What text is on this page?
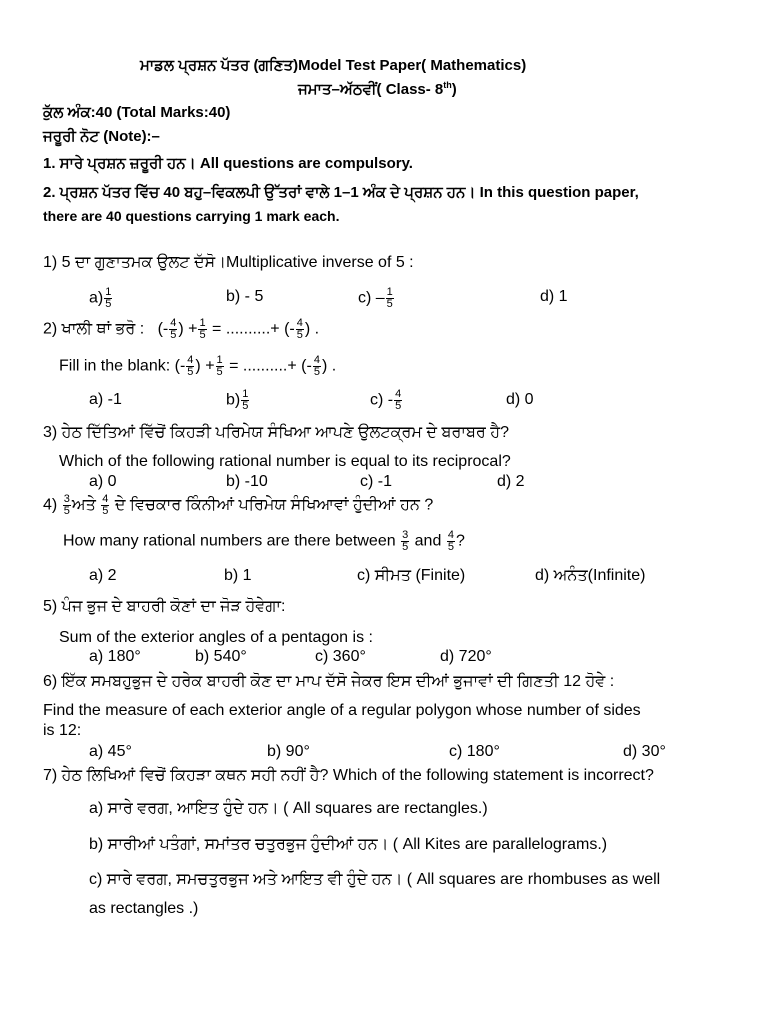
ਮਾਡਲ ਪ੍ਰਸ਼ਨ ਪੱਤਰ (ਗਣਿਤ)Model Test Paper( Mathematics)
ਜਮਾਤ–ਅੱਠਵੀਂ( Class- 8th)
ਕੁੱਲ ਅੰਕ:40 (Total Marks:40)
ਜਰੂਰੀ ਨੋਟ (Note):–
1. ਸਾਰੇ ਪ੍ਰਸ਼ਨ ਜ਼ਰੂਰੀ ਹਨ। All questions are compulsory.
2. ਪ੍ਰਸ਼ਨ ਪੱਤਰ ਵਿੱਚ 40 ਬਹੁ–ਵਿਕਲਪੀ ਉੱਤਰਾਂ ਵਾਲੇ 1–1 ਅੰਕ ਦੇ ਪ੍ਰਸ਼ਨ ਹਨ। In this question paper,
there are 40 questions carrying 1 mark each.
1) 5 ਦਾ ਗੁਣਾਤਮਕ ਉਲਟ ਦੱਸੋ।Multiplicative inverse of 5 :
$a) \frac{1}{5}$	b) - 5	$c) - \frac{1}{5}$	d) 1
2) ਖਾਲੀ ਥਾਂ ਭਰੋ : (- $\frac{4}{5}$ ) + $\frac{1}{5}$ = ..........+ (- $\frac{4}{5}$ ) .
Fill in the blank: (- $\frac{4}{5}$ ) + $\frac{1}{5}$ = ..........+ (- $\frac{4}{5}$ ) .
a) -1	$b) \frac{1}{5}$	$c) - \frac{4}{5}$	d) 0
3) ਹੇਠ ਦਿੱਤਿਆਂ ਵਿੱਚੋਂ ਕਿਹੜੀ ਪਰਿਮੇਯ ਸੰਖਿਆ ਆਪਣੇ ਉਲਟਕ੍ਰਮ ਦੇ ਬਰਾਬਰ ਹੈ?
Which of the following rational number is equal to its reciprocal?
a) 0	b) -10	c) -1	d) 2
$4) \frac{3}{5}$ ਅਤੇ $\frac{4}{5}$ ਦੇ ਵਿਚਕਾਰ ਕਿੰਨੀਆਂ ਪਰਿਮੇਯ ਸੰਖਿਆਵਾਂ ਹੁੰਦੀਆਂ ਹਨ ?
How many rational numbers are there between $\frac{3}{5}$ and $\frac{4}{5}$ ?
a) 2	b) 1	c) ਸੀਮਤ (Finite)	d) ਅਨੰਤ(Infinite)
5) ਪੰਜ ਭੁਜ ਦੇ ਬਾਹਰੀ ਕੋਣਾਂ ਦਾ ਜੋੜ ਹੋਵੇਗਾ:
Sum of the exterior angles of a pentagon is :
a) 180°	b) 540°	c) 360°	d) 720°
6) ਇੱਕ ਸਮਬਹੁਭੁਜ ਦੇ ਹਰੇਕ ਬਾਹਰੀ ਕੋਣ ਦਾ ਮਾਪ ਦੱਸੋ ਜੇਕਰ ਇਸ ਦੀਆਂ ਭੁਜਾਵਾਂ ਦੀ ਗਿਣਤੀ 12 ਹੋਵੇ :
Find the measure of each exterior angle of a regular polygon whose number of sides
is 12:
a) 45°	b) 90°	c) 180°	d) 30°
7) ਹੇਠ ਲਿਖਿਆਂ ਵਿਚੋਂ ਕਿਹੜਾ ਕਥਨ ਸਹੀ ਨਹੀਂ ਹੈ? Which of the following statement is incorrect?
a) ਸਾਰੇ ਵਰਗ, ਆਇਤ ਹੁੰਦੇ ਹਨ। ( All squares are rectangles.)
b) ਸਾਰੀਆਂ ਪਤੰਗਾਂ, ਸਮਾਂਤਰ ਚਤੁਰਭੁਜ ਹੁੰਦੀਆਂ ਹਨ। ( All Kites are parallelograms.)
c) ਸਾਰੇ ਵਰਗ, ਸਮਚਤੁਰਭੁਜ ਅਤੇ ਆਇਤ ਵੀ ਹੁੰਦੇ ਹਨ। ( All squares are rhombuses as well
as rectangles .)
